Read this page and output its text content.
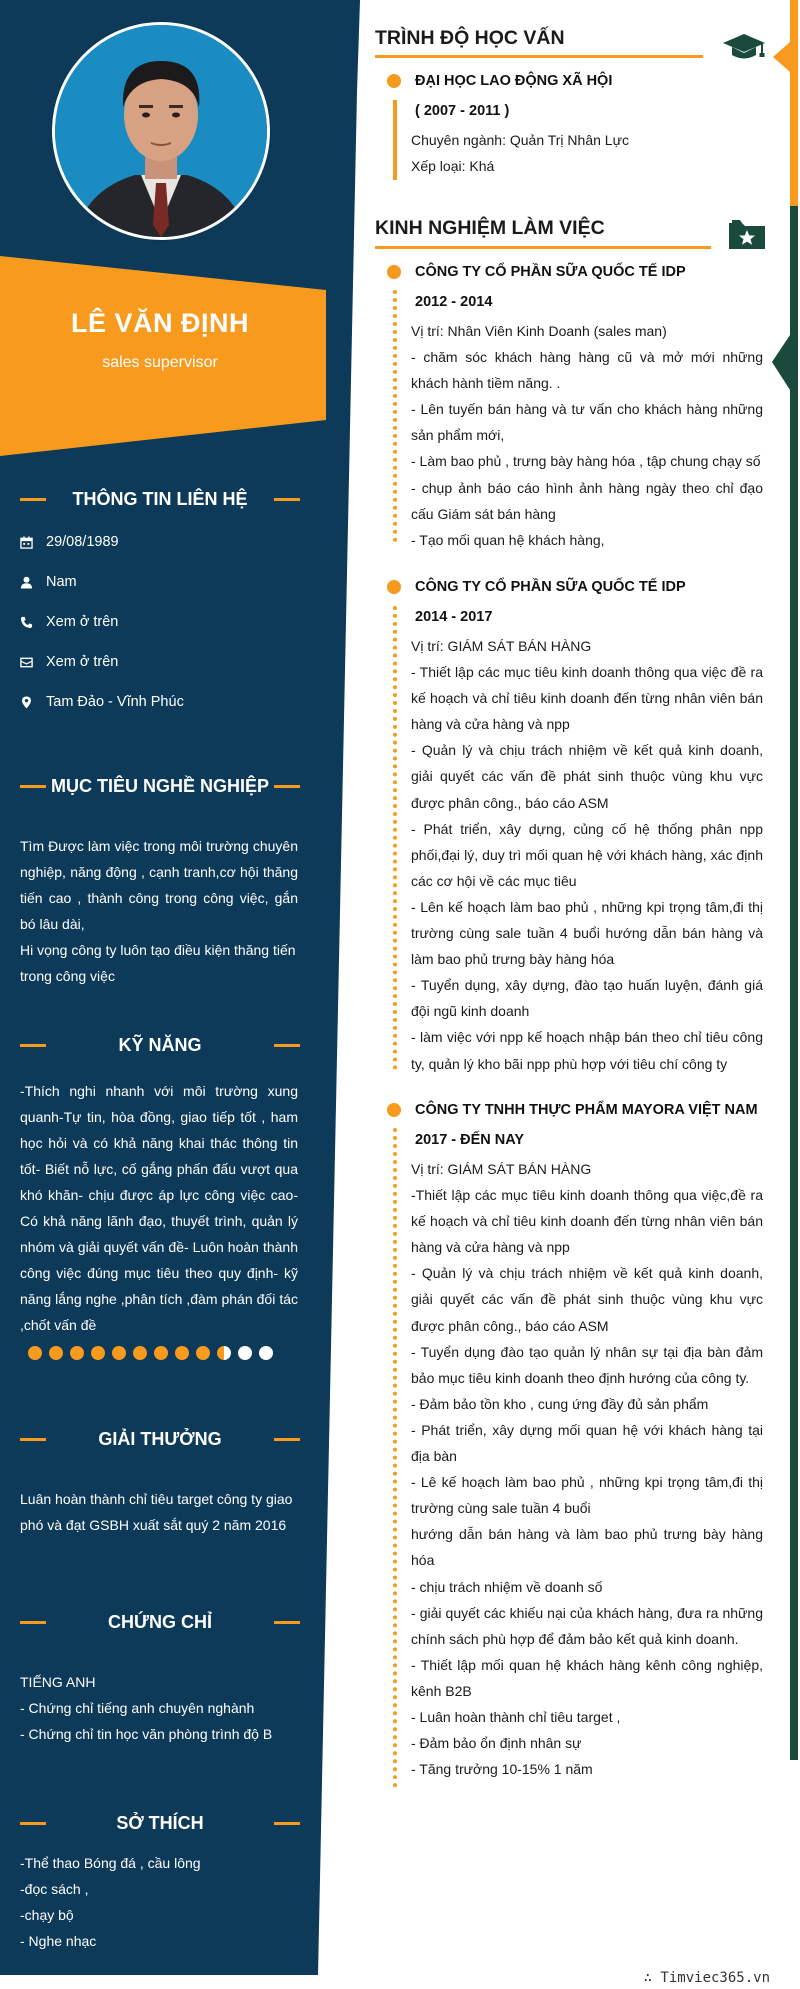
LÊ VĂN ĐỊNH
sales supervisor
THÔNG TIN LIÊN HỆ
29/08/1989
Nam
Xem ở trên
Xem ở trên
Tam Đảo - Vĩnh Phúc
MỤC TIÊU NGHỀ NGHIỆP

Tìm Được làm việc trong môi trường chuyên nghiệp, năng động , cạnh tranh,cơ hội thăng tiến cao , thành công trong công việc, gắn bó lâu dài,

Hi vọng công ty luôn tạo điều kiện thăng tiến trong công việc

KỸ NĂNG
-Thích nghi nhanh với môi trường xung quanh-Tự tin, hòa đồng, giao tiếp tốt , ham học hỏi và có khả năng khai thác thông tin tốt- Biết nỗ lực, cố gắng phấn đấu vượt qua khó khăn- chịu được áp lực công việc cao- Có khả năng lãnh đạo, thuyết trình, quản lý nhóm và giải quyết vấn đề- Luôn hoàn thành công việc đúng mục tiêu theo quy định- kỹ năng lắng nghe ,phân tích ,đàm phán đối tác ,chốt vấn đề
GIẢI THƯỞNG
Luân hoàn thành chỉ tiêu target công ty giao phó và đạt GSBH xuất sắt quý 2 năm 2016
CHỨNG CHỈ

TIẾNG ANH

- Chứng chỉ tiếng anh chuyên nghành

- Chứng chỉ tin học văn phòng trình độ B

SỞ THÍCH

-Thể thao Bóng đá , cầu lông

-đọc sách ,

-chạy bộ

- Nghe nhạc

TRÌNH ĐỘ HỌC VẤN
ĐẠI HỌC LAO ĐỘNG XÃ HỘI
( 2007 - 2011 )

Chuyên ngành: Quản Trị Nhân Lực

Xếp loại: Khá

KINH NGHIỆM LÀM VIỆC
CÔNG TY CỔ PHẦN SỮA QUỐC TẾ IDP
2012 - 2014

Vị trí: Nhân Viên Kinh Doanh (sales man)

- chăm sóc khách hàng hàng cũ và mở mới những khách hành tiềm năng. .

- Lên tuyến bán hàng và tư vấn cho khách hàng những sản phẩm mới,

- Làm bao phủ , trưng bày hàng hóa , tập chung chạy số

- chụp ảnh báo cáo hình ảnh hàng ngày theo chỉ đạo cấu Giám sát bán hàng

- Tạo mối quan hệ khách hàng,

CÔNG TY CỔ PHẦN SỮA QUỐC TẾ IDP
2014 - 2017

Vị trí: GIÁM SÁT BÁN HÀNG

- Thiết lập các mục tiêu kinh doanh thông qua việc đề ra kế hoạch và chỉ tiêu kinh doanh đến từng nhân viên bán hàng và cửa hàng và npp

- Quản lý và chịu trách nhiệm về kết quả kinh doanh, giải quyết các vấn đề phát sinh thuộc vùng khu vực được phân công., báo cáo ASM

- Phát triển, xây dựng, củng cố hệ thống phân npp phối,đại lý, duy trì mối quan hệ với khách hàng, xác định các cơ hội về các mục tiêu

- Lên kế hoạch làm bao phủ , những kpi trọng tâm,đi thị trường cùng sale tuần 4 buổi hướng dẫn bán hàng và làm bao phủ trưng bày hàng hóa

- Tuyển dụng, xây dựng, đào tạo huấn luyện, đánh giá đội ngũ kinh doanh

- làm việc với npp kế hoạch nhập bán theo chỉ tiêu công ty, quản lý kho bãi npp phù hợp với tiêu chí công ty

CÔNG TY TNHH THỰC PHẨM MAYORA VIỆT NAM
2017 - ĐẾN NAY

Vị trí: GIÁM SÁT BÁN HÀNG

-Thiết lập các mục tiêu kinh doanh thông qua việc,đề ra kế hoạch và chỉ tiêu kinh doanh đến từng nhân viên bán hàng và cửa hàng và npp

- Quản lý và chịu trách nhiệm về kết quả kinh doanh, giải quyết các vấn đề phát sinh thuộc vùng khu vực được phân công., báo cáo ASM

- Tuyển dụng đào tạo quản lý nhân sự tại địa bàn đảm bảo mục tiêu kinh doanh theo định hướng của công ty.

- Đảm bảo tồn kho , cung ứng đầy đủ sản phẩm

- Phát triển, xây dựng mối quan hệ với khách hàng tại địa bàn

- Lê kế hoạch làm bao phủ , những kpi trọng tâm,đi thị trường cùng sale tuần 4 buổi

hướng dẫn bán hàng và làm bao phủ trưng bày hàng hóa

- chịu trách nhiệm về doanh số

- giải quyết các khiếu nại của khách hàng, đưa ra những chính sách phù hợp để đảm bảo kết quả kinh doanh.

- Thiết lập mối quan hệ khách hàng kênh công nghiệp, kênh B2B

- Luân hoàn thành chỉ tiêu target ,

- Đảm bảo ổn định nhân sự

- Tăng trưởng 10-15% 1 năm

∴ Timviec365.vn
